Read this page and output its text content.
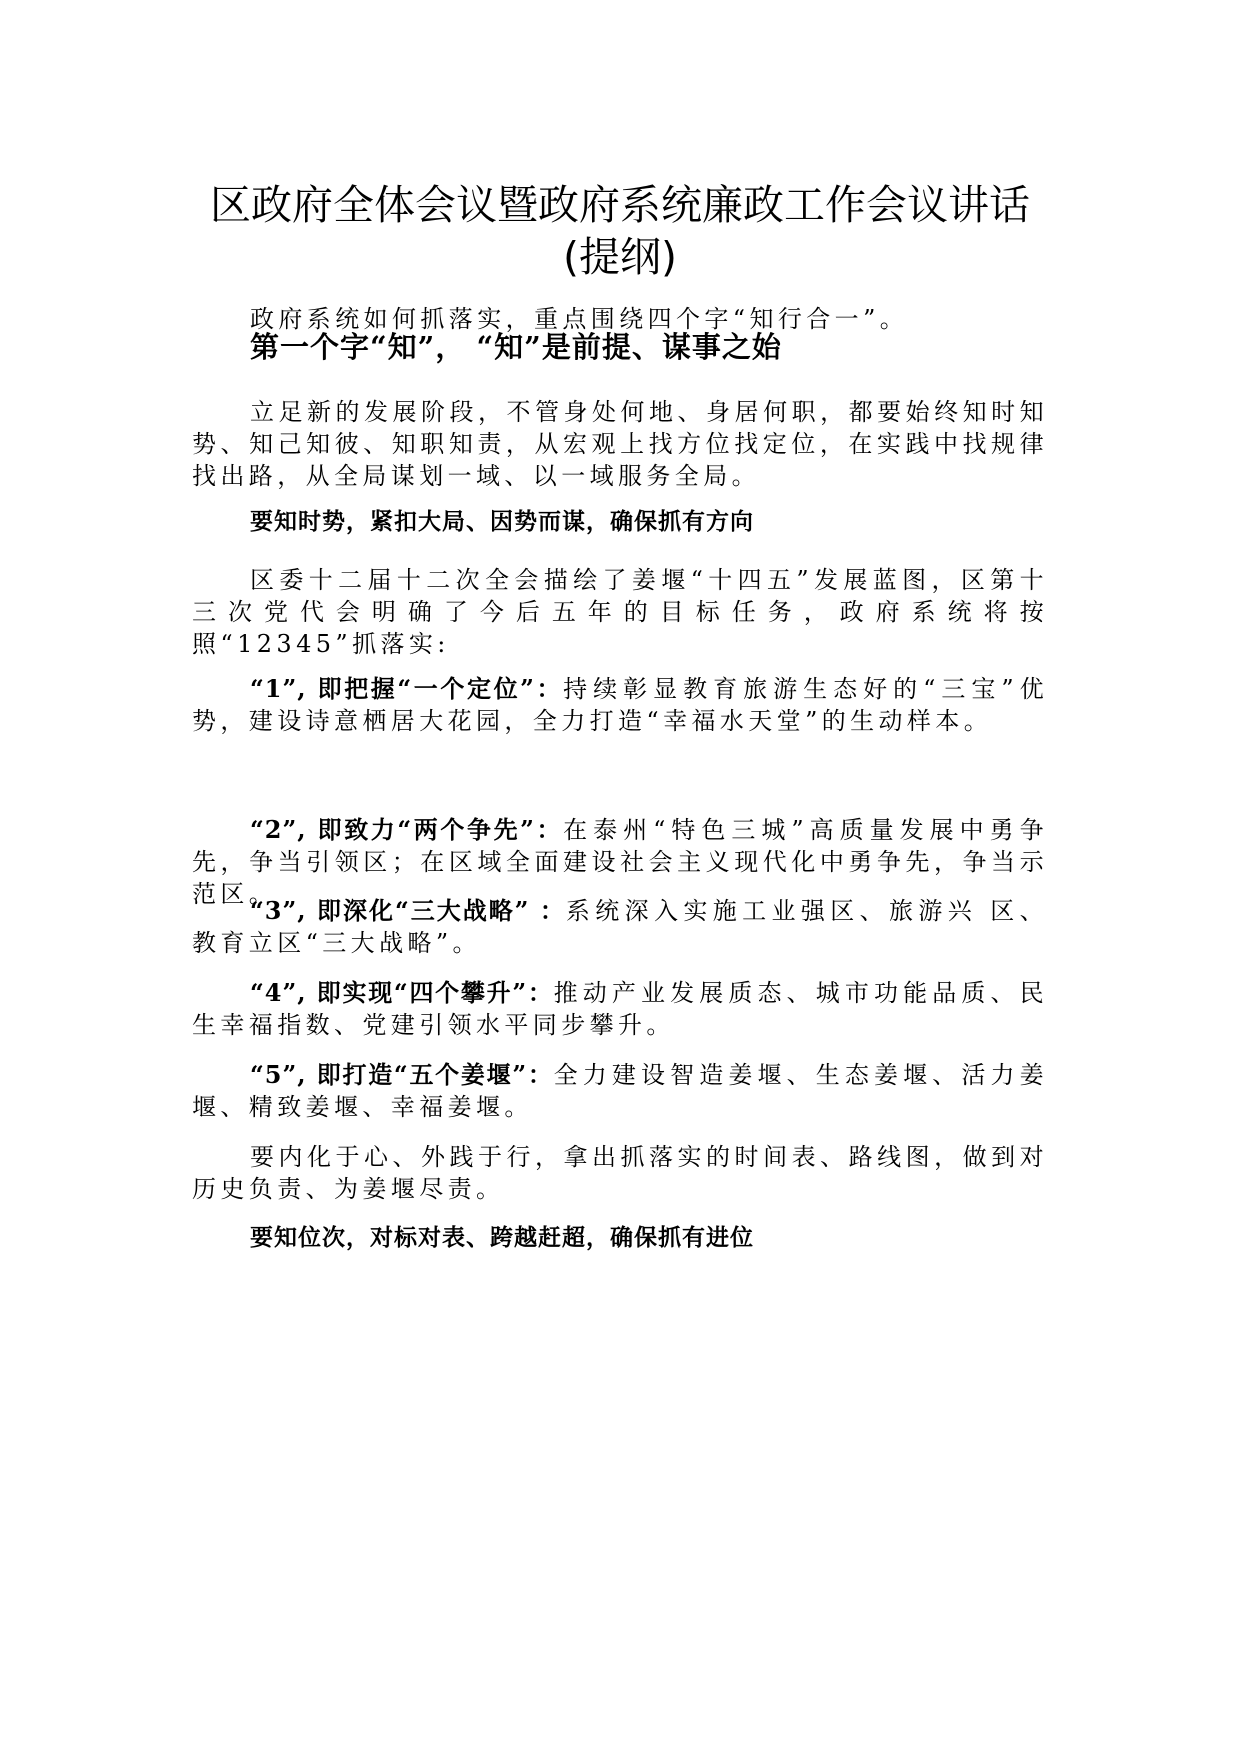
区政府全体会议暨政府系统廉政工作会议讲话
(提纲)

政府系统如何抓落实，重点围绕四个字“知行合一”。

第一个字“知”， “知”是前提、谋事之始

立足新的发展阶段，不管身处何地、身居何职，都要始终知时知势、知己知彼、知职知责，从宏观上找方位找定位，在实践中找规律找出路，从全局谋划一域、以一域服务全局。

要知时势，紧扣大局、因势而谋，确保抓有方向

区委十二届十二次全会描绘了姜堰“十四五”发展蓝图，区第十三次党代会明确了今后五年的目标任务，政府系统将按照“12345”抓落实:

“1”, 即把握“一个定位”：持续彰显教育旅游生态好的“三宝”优势，建设诗意栖居大花园，全力打造“幸福水天堂”的生动样本。

“2”, 即致力“两个争先”：在泰州“特色三城”高质量发展中勇争先，争当引领区；在区域全面建设社会主义现代化中勇争先，争当示范区。

“3”, 即深化“三大战略” ：系统深入实施工业强区、旅游兴 区、教育立区“三大战略”。

“4”, 即实现“四个攀升”：推动产业发展质态、城市功能品质、民生幸福指数、党建引领水平同步攀升。

“5”, 即打造“五个姜堰”：全力建设智造姜堰、生态姜堰、活力姜堰、精致姜堰、幸福姜堰。

要内化于心、外践于行，拿出抓落实的时间表、路线图，做到对历史负责、为姜堰尽责。

要知位次，对标对表、跨越赶超，确保抓有进位
